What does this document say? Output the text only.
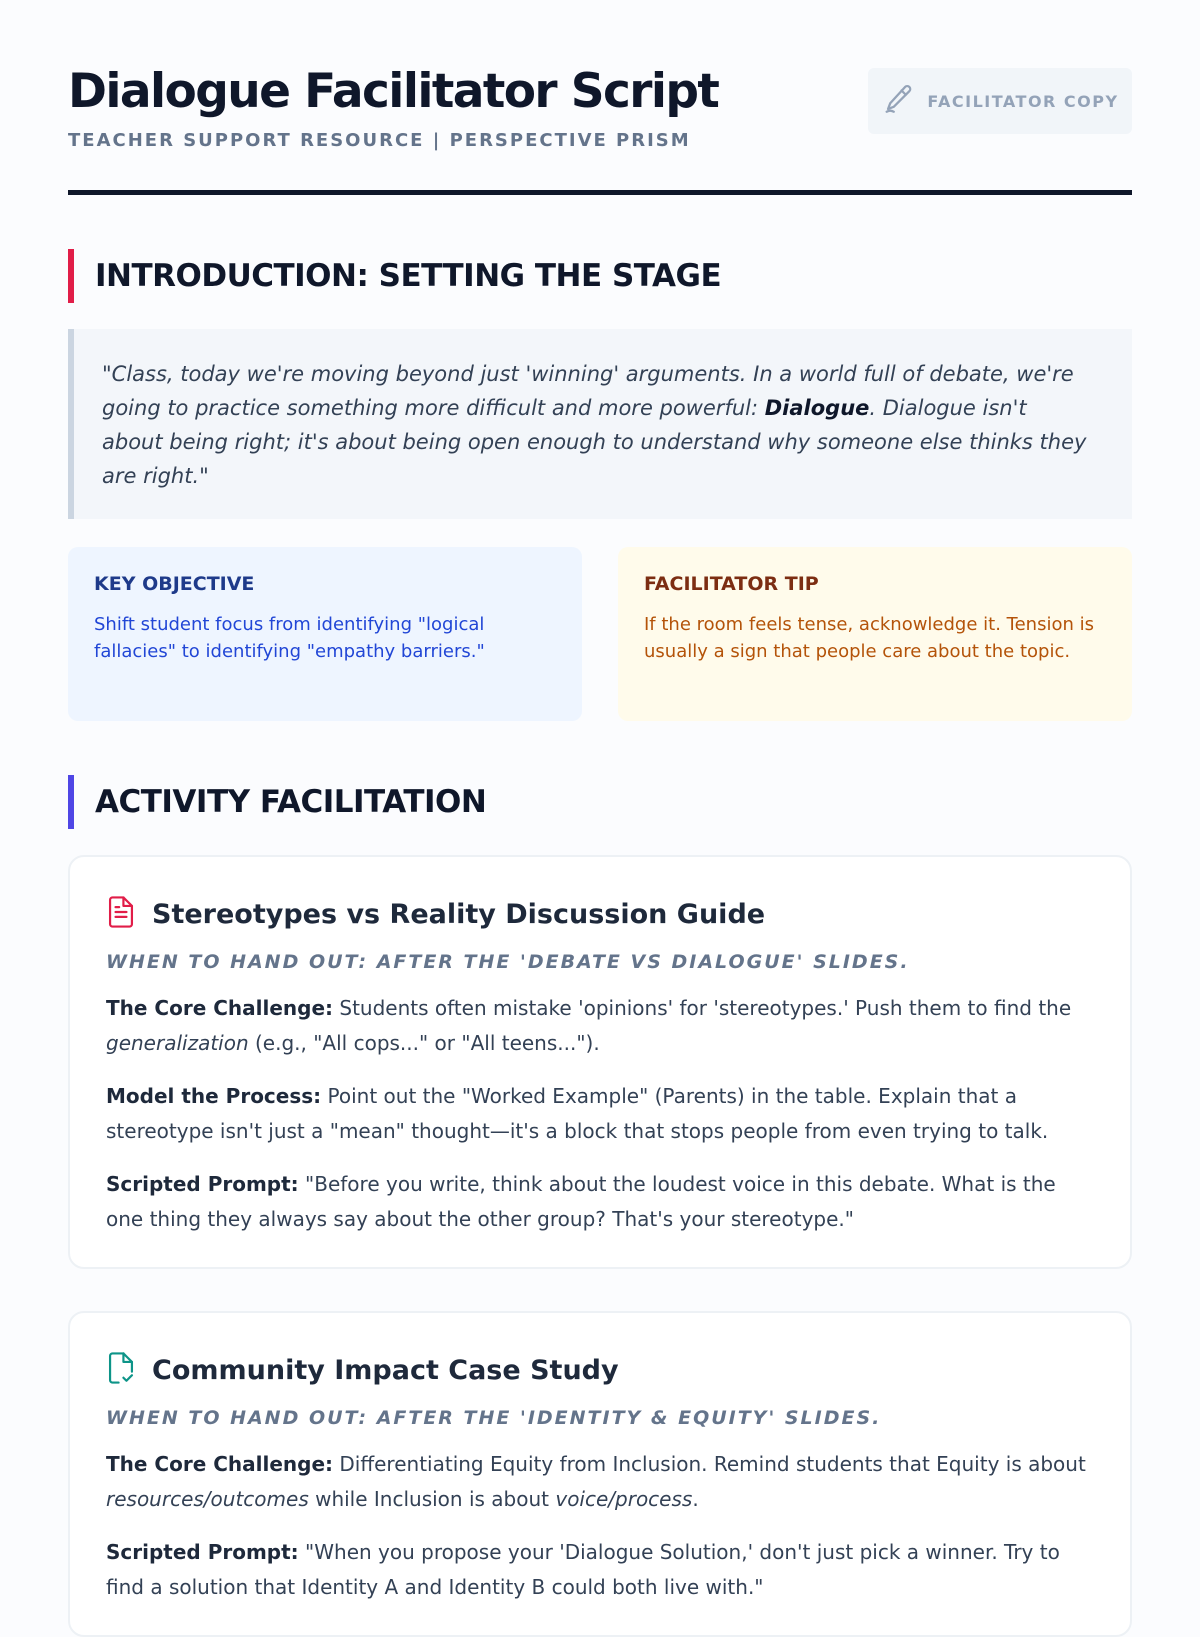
Dialogue Facilitator Script
TEACHER SUPPORT RESOURCE | PERSPECTIVE PRISM
FACILITATOR COPY
INTRODUCTION: SETTING THE STAGE
"Class, today we're moving beyond just 'winning' arguments. In a world full of debate, we're going to practice something more difficult and more powerful: Dialogue. Dialogue isn't about being right; it's about being open enough to understand why someone else thinks they are right."
KEY OBJECTIVE
Shift student focus from identifying "logical fallacies" to identifying "empathy barriers."
FACILITATOR TIP
If the room feels tense, acknowledge it. Tension is usually a sign that people care about the topic.
ACTIVITY FACILITATION
Stereotypes vs Reality Discussion Guide
WHEN TO HAND OUT: AFTER THE 'DEBATE VS DIALOGUE' SLIDES.
The Core Challenge: Students often mistake 'opinions' for 'stereotypes.' Push them to find the generalization (e.g., "All cops..." or "All teens...").
Model the Process: Point out the "Worked Example" (Parents) in the table. Explain that a stereotype isn't just a "mean" thought—it's a block that stops people from even trying to talk.
Scripted Prompt: "Before you write, think about the loudest voice in this debate. What is the one thing they always say about the other group? That's your stereotype."
Community Impact Case Study
WHEN TO HAND OUT: AFTER THE 'IDENTITY & EQUITY' SLIDES.
The Core Challenge: Differentiating Equity from Inclusion. Remind students that Equity is about resources/outcomes while Inclusion is about voice/process.
Scripted Prompt: "When you propose your 'Dialogue Solution,' don't just pick a winner. Try to find a solution that Identity A and Identity B could both live with."
